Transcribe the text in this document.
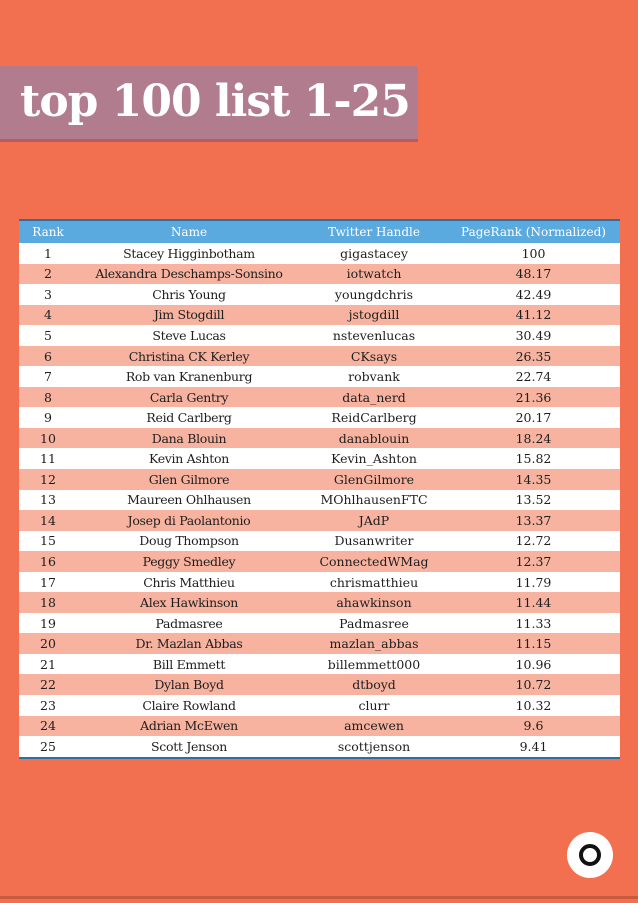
top 100 list 1-25
Rank	Name	Twitter Handle	PageRank (Normalized)
1	Stacey Higginbotham	gigastacey	100
2	Alexandra Deschamps-Sonsino	iotwatch	48.17
3	Chris Young	youngdchris	42.49
4	Jim Stogdill	jstogdill	41.12
5	Steve Lucas	nstevenlucas	30.49
6	Christina CK Kerley	CKsays	26.35
7	Rob van Kranenburg	robvank	22.74
8	Carla Gentry	data_nerd	21.36
9	Reid Carlberg	ReidCarlberg	20.17
10	Dana Blouin	danablouin	18.24
11	Kevin Ashton	Kevin_Ashton	15.82
12	Glen Gilmore	GlenGilmore	14.35
13	Maureen Ohlhausen	MOhlhausenFTC	13.52
14	Josep di Paolantonio	JAdP	13.37
15	Doug Thompson	Dusanwriter	12.72
16	Peggy Smedley	ConnectedWMag	12.37
17	Chris Matthieu	chrismatthieu	11.79
18	Alex Hawkinson	ahawkinson	11.44
19	Padmasree	Padmasree	11.33
20	Dr. Mazlan Abbas	mazlan_abbas	11.15
21	Bill Emmett	billemmett000	10.96
22	Dylan Boyd	dtboyd	10.72
23	Claire Rowland	clurr	10.32
24	Adrian McEwen	amcewen	9.6
25	Scott Jenson	scottjenson	9.41
